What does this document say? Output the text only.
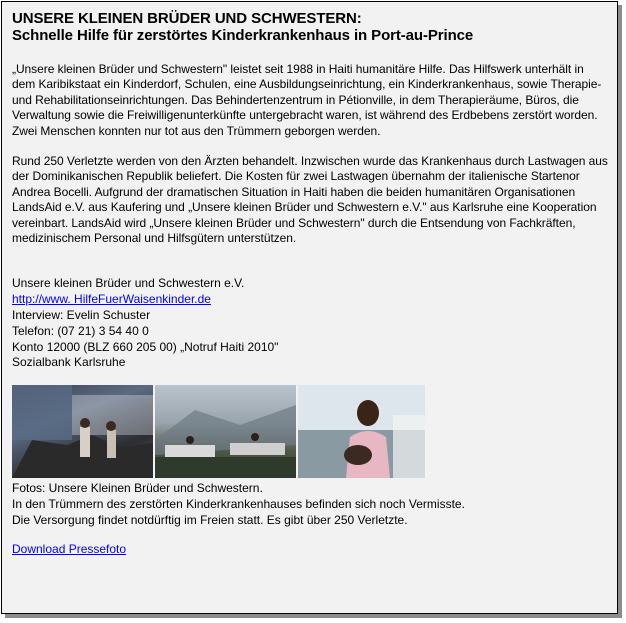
UNSERE KLEINEN BRÜDER UND SCHWESTERN:
Schnelle Hilfe für zerstörtes Kinderkrankenhaus in Port-au-Prince

„Unsere kleinen Brüder und Schwestern" leistet seit 1988 in Haiti humanitäre Hilfe. Das Hilfswerk unterhält in dem Karibikstaat ein Kinderdorf, Schulen, eine Ausbildungseinrichtung, ein Kinderkrankenhaus, sowie Therapie- und Rehabilitationseinrichtungen. Das Behindertenzentrum in Pétionville, in dem Therapieräume, Büros, die Verwaltung sowie die Freiwilligenunterkünfte untergebracht waren, ist während des Erdbebens zerstört worden. Zwei Menschen konnten nur tot aus den Trümmern geborgen werden.

Rund 250 Verletzte werden von den Ärzten behandelt. Inzwischen wurde das Krankenhaus durch Lastwagen aus der Dominikanischen Republik beliefert. Die Kosten für zwei Lastwagen übernahm der italienische Startenor Andrea Bocelli. Aufgrund der dramatischen Situation in Haiti haben die beiden humanitären Organisationen LandsAid e.V. aus Kaufering und „Unsere kleinen Brüder und Schwestern e.V." aus Karlsruhe eine Kooperation vereinbart. LandsAid wird „Unsere kleinen Brüder und Schwestern" durch die Entsendung von Fachkräften, medizinischem Personal und Hilfsgütern unterstützen.

Unsere kleinen Brüder und Schwestern e.V.
http://www. HilfeFuerWaisenkinder.de
Interview: Evelin Schuster
Telefon: (07 21) 3 54 40 0
Konto 12000 (BLZ 660 205 00) „Notruf Haiti 2010"
Sozialbank Karlsruhe
Fotos: Unsere Kleinen Brüder und Schwestern.
In den Trümmern des zerstörten Kinderkrankenhauses befinden sich noch Vermisste.
Die Versorgung findet notdürftig im Freien statt. Es gibt über 250 Verletzte.
Download Pressefoto
